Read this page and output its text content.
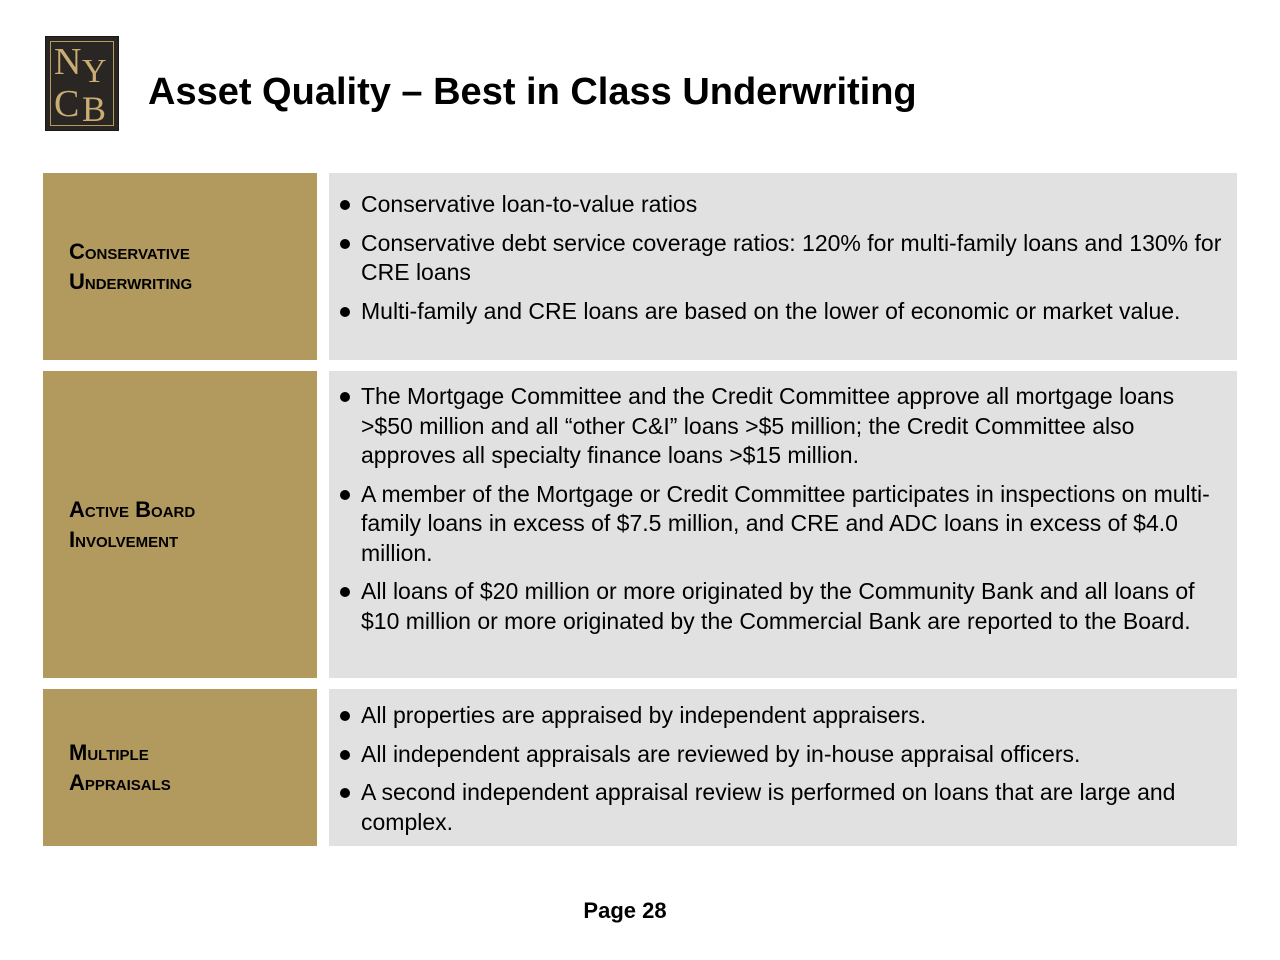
N Y
C B Asset Quality – Best in Class Underwriting
Conservative
Underwriting
Conservative loan-to-value ratios
Conservative debt service coverage ratios: 120% for multi-family loans and 130% for CRE loans
Multi-family and CRE loans are based on the lower of economic or market value.
Active Board
Involvement
The Mortgage Committee and the Credit Committee approve all mortgage loans >$50 million and all “other C&I” loans >$5 million; the Credit Committee also approves all specialty finance loans >$15 million.
A member of the Mortgage or Credit Committee participates in inspections on multi-family loans in excess of $7.5 million, and CRE and ADC loans in excess of $4.0 million.
All loans of $20 million or more originated by the Community Bank and all loans of $10 million or more originated by the Commercial Bank are reported to the Board.
Multiple
Appraisals
All properties are appraised by independent appraisers.
All independent appraisals are reviewed by in-house appraisal officers.
A second independent appraisal review is performed on loans that are large and complex.
Page 28
